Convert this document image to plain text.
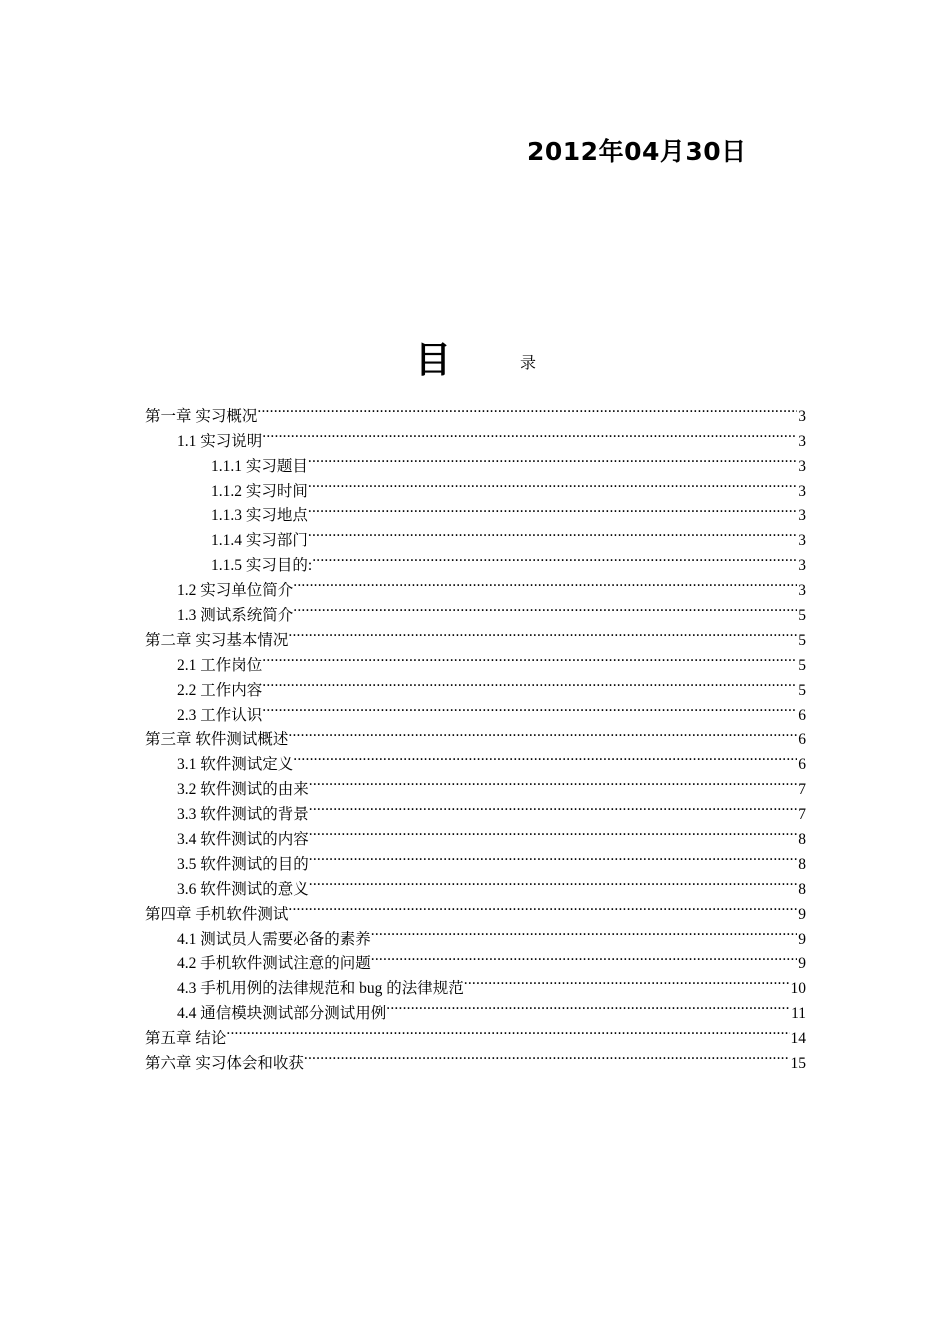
2012年04月30日
目	录
第一章 实习概况 .....	3
1.1 实习说明 .....	3
1.1.1 实习题目 .....	3
1.1.2 实习时间 .....	3
1.1.3 实习地点 .....	3
1.1.4 实习部门 .....	3
1.1.5 实习目的: .....	3
1.2 实习单位简介 .....	3
1.3 测试系统简介 .....	5
第二章 实习基本情况 .....	5
2.1 工作岗位 .....	5
2.2 工作内容 .....	5
2.3 工作认识 .....	6
第三章 软件测试概述 .....	6
3.1 软件测试定义 .....	6
3.2 软件测试的由来 .....	7
3.3 软件测试的背景 .....	7
3.4 软件测试的内容 .....	8
3.5 软件测试的目的 .....	8
3.6 软件测试的意义 .....	8
第四章 手机软件测试 .....	9
4.1 测试员人需要必备的素养 .....	9
4.2 手机软件测试注意的问题 .....	9
4.3 手机用例的法律规范和 bug 的法律规范 .....	10
4.4 通信模块测试部分测试用例 .....	11
第五章 结论 .....	14
第六章 实习体会和收获 .....	15
